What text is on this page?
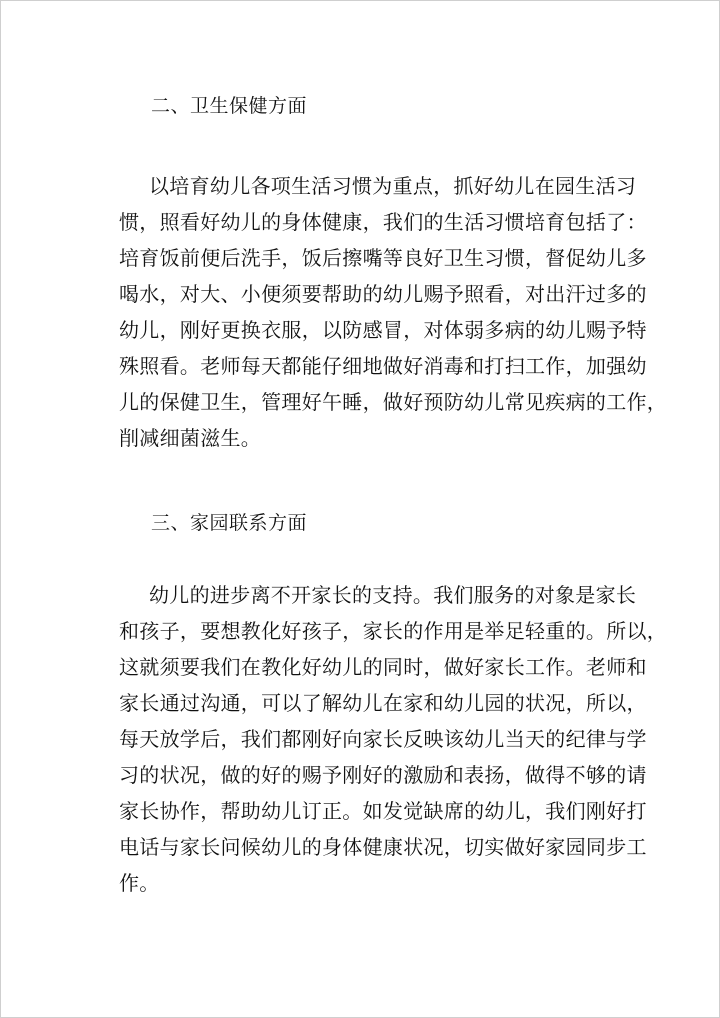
二、卫生保健方面
以培育幼儿各项生活习惯为重点，抓好幼儿在园生活习
惯，照看好幼儿的身体健康，我们的生活习惯培育包括了：
培育饭前便后洗手，饭后擦嘴等良好卫生习惯，督促幼儿多
喝水，对大、小便须要帮助的幼儿赐予照看，对出汗过多的
幼儿，刚好更换衣服，以防感冒，对体弱多病的幼儿赐予特
殊照看。老师每天都能仔细地做好消毒和打扫工作，加强幼
儿的保健卫生，管理好午睡，做好预防幼儿常见疾病的工作，
削减细菌滋生。
三、家园联系方面
幼儿的进步离不开家长的支持。我们服务的对象是家长
和孩子，要想教化好孩子，家长的作用是举足轻重的。所以，
这就须要我们在教化好幼儿的同时，做好家长工作。老师和
家长通过沟通，可以了解幼儿在家和幼儿园的状况，所以，
每天放学后，我们都刚好向家长反映该幼儿当天的纪律与学
习的状况，做的好的赐予刚好的激励和表扬，做得不够的请
家长协作，帮助幼儿订正。如发觉缺席的幼儿，我们刚好打
电话与家长问候幼儿的身体健康状况，切实做好家园同步工
作。
